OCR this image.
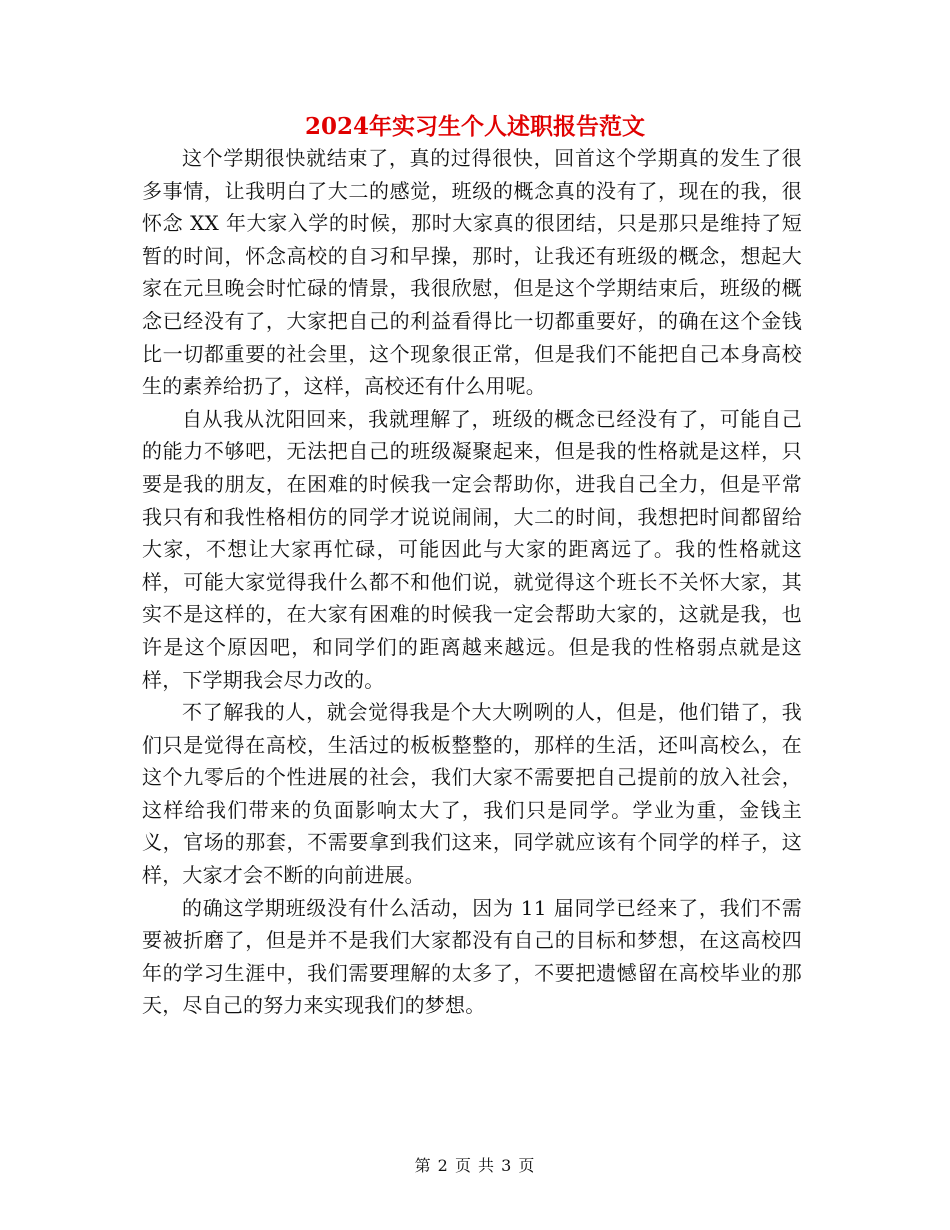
2024年实习生个人述职报告范文

这个学期很快就结束了，真的过得很快，回首这个学期真的发生了很多事情，让我明白了大二的感觉，班级的概念真的没有了，现在的我，很怀念 XX 年大家入学的时候，那时大家真的很团结，只是那只是维持了短暂的时间，怀念高校的自习和早操，那时，让我还有班级的概念，想起大家在元旦晚会时忙碌的情景，我很欣慰，但是这个学期结束后，班级的概念已经没有了，大家把自己的利益看得比一切都重要好，的确在这个金钱比一切都重要的社会里，这个现象很正常，但是我们不能把自己本身高校生的素养给扔了，这样，高校还有什么用呢。

自从我从沈阳回来，我就理解了，班级的概念已经没有了，可能自己的能力不够吧，无法把自己的班级凝聚起来，但是我的性格就是这样，只要是我的朋友，在困难的时候我一定会帮助你，进我自己全力，但是平常我只有和我性格相仿的同学才说说闹闹，大二的时间，我想把时间都留给大家，不想让大家再忙碌，可能因此与大家的距离远了。我的性格就这样，可能大家觉得我什么都不和他们说，就觉得这个班长不关怀大家，其实不是这样的，在大家有困难的时候我一定会帮助大家的，这就是我，也许是这个原因吧，和同学们的距离越来越远。但是我的性格弱点就是这样，下学期我会尽力改的。

不了解我的人，就会觉得我是个大大咧咧的人，但是，他们错了，我们只是觉得在高校，生活过的板板整整的，那样的生活，还叫高校么，在这个九零后的个性进展的社会，我们大家不需要把自己提前的放入社会，这样给我们带来的负面影响太大了，我们只是同学。学业为重，金钱主义，官场的那套，不需要拿到我们这来，同学就应该有个同学的样子，这样，大家才会不断的向前进展。

的确这学期班级没有什么活动，因为 11 届同学已经来了，我们不需要被折磨了，但是并不是我们大家都没有自己的目标和梦想，在这高校四年的学习生涯中，我们需要理解的太多了，不要把遗憾留在高校毕业的那天，尽自己的努力来实现我们的梦想。

第 2 页 共 3 页
